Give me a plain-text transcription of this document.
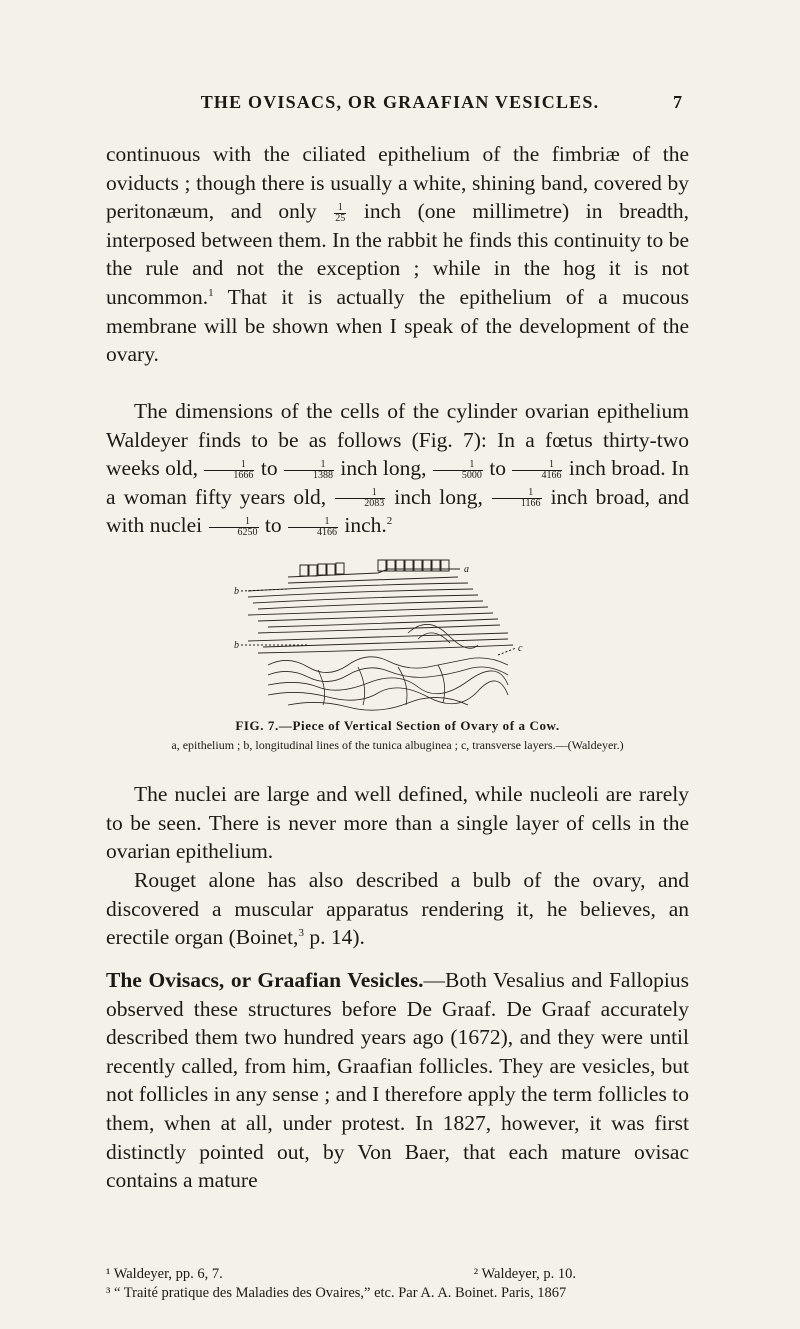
THE OVISACS, OR GRAAFIAN VESICLES.	7

continuous with the ciliated epithelium of the fimbriæ of the oviducts ; though there is usually a white, shining band, covered by peritonæum, and only $\frac{1}{25}$ inch (one millimetre) in breadth, interposed between them. In the rabbit he finds this continuity to be the rule and not the exception ; while in the hog it is not uncommon.$^1$ That it is actually the epithelium of a mucous membrane will be shown when I speak of the development of the ovary.

The dimensions of the cells of the cylinder ovarian epithelium Waldeyer finds to be as follows (Fig. 7): In a fœtus thirty-two weeks old, $\frac{1}{1666}$ to $\frac{1}{1388}$ inch long, $\frac{1}{5000}$ to $\frac{1}{4166}$ inch broad. In a woman fifty years old, $\frac{1}{2083}$ inch long, $\frac{1}{1166}$ inch broad, and with nuclei $\frac{1}{6250}$ to $\frac{1}{4166}$ inch.$^2$

b
a
b	c
FIG. 7.—Piece of Vertical Section of Ovary of a Cow.
a, epithelium ; b, longitudinal lines of the tunica albuginea ; c, transverse layers.—(Waldeyer.)

The nuclei are large and well defined, while nucleoli are rarely to be seen. There is never more than a single layer of cells in the ovarian epithelium.

Rouget alone has also described a bulb of the ovary, and discovered a muscular apparatus rendering it, he believes, an erectile organ (Boinet,$^3$ p. 14).

The Ovisacs, or Graafian Vesicles.—Both Vesalius and Fallopius observed these structures before De Graaf. De Graaf accurately described them two hundred years ago (1672), and they were until recently called, from him, Graafian follicles. They are vesicles, but not follicles in any sense ; and I therefore apply the term follicles to them, when at all, under protest. In 1827, however, it was first distinctly pointed out, by Von Baer, that each mature ovisac contains a mature

¹ Waldeyer, pp. 6, 7.	² Waldeyer, p. 10.
³ “ Traité pratique des Maladies des Ovaires,” etc. Par A. A. Boinet. Paris, 1867
